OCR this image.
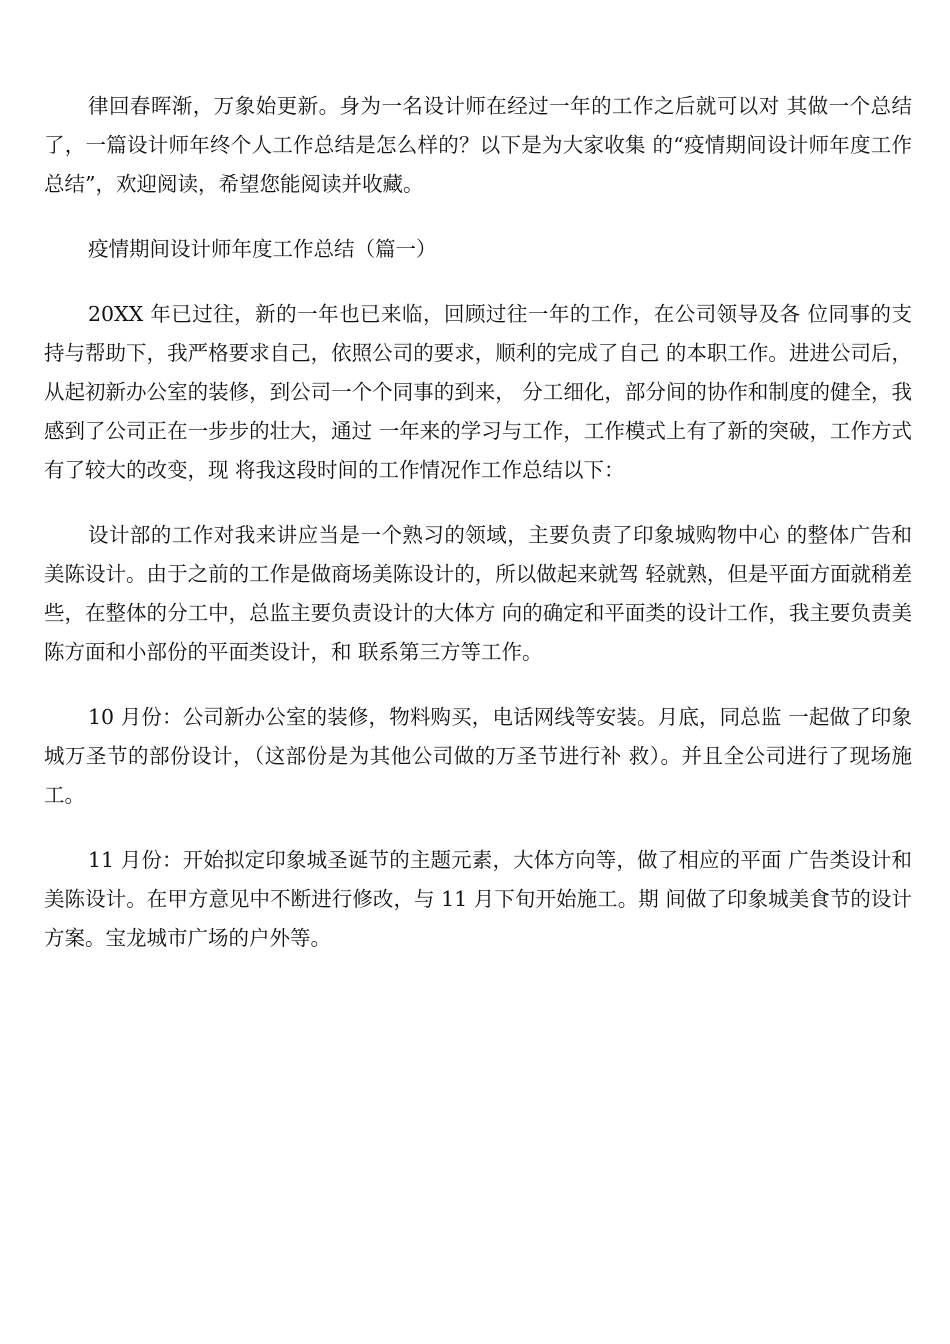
律回春晖渐，万象始更新。身为一名设计师在经过一年的工作之后就可以对 其做一个总结了，一篇设计师年终个人工作总结是怎么样的？以下是为大家收集 的“疫情期间设计师年度工作总结”，欢迎阅读，希望您能阅读并收藏。

疫情期间设计师年度工作总结（篇一）

20XX 年已过往，新的一年也已来临，回顾过往一年的工作，在公司领导及各 位同事的支持与帮助下，我严格要求自己，依照公司的要求，顺利的完成了自己 的本职工作。进进公司后，从起初新办公室的装修，到公司一个个同事的到来， 分工细化，部分间的协作和制度的健全，我感到了公司正在一步步的壮大，通过 一年来的学习与工作，工作模式上有了新的突破，工作方式有了较大的改变，现 将我这段时间的工作情况作工作总结以下：

设计部的工作对我来讲应当是一个熟习的领域，主要负责了印象城购物中心 的整体广告和美陈设计。由于之前的工作是做商场美陈设计的，所以做起来就驾 轻就熟，但是平面方面就稍差些，在整体的分工中，总监主要负责设计的大体方 向的确定和平面类的设计工作，我主要负责美陈方面和小部份的平面类设计，和 联系第三方等工作。

10 月份：公司新办公室的装修，物料购买，电话网线等安装。月底，同总监 一起做了印象城万圣节的部份设计，（这部份是为其他公司做的万圣节进行补 救）。并且全公司进行了现场施工。

11 月份：开始拟定印象城圣诞节的主题元素，大体方向等，做了相应的平面 广告类设计和美陈设计。在甲方意见中不断进行修改，与 11 月下旬开始施工。期 间做了印象城美食节的设计方案。宝龙城市广场的户外等。
